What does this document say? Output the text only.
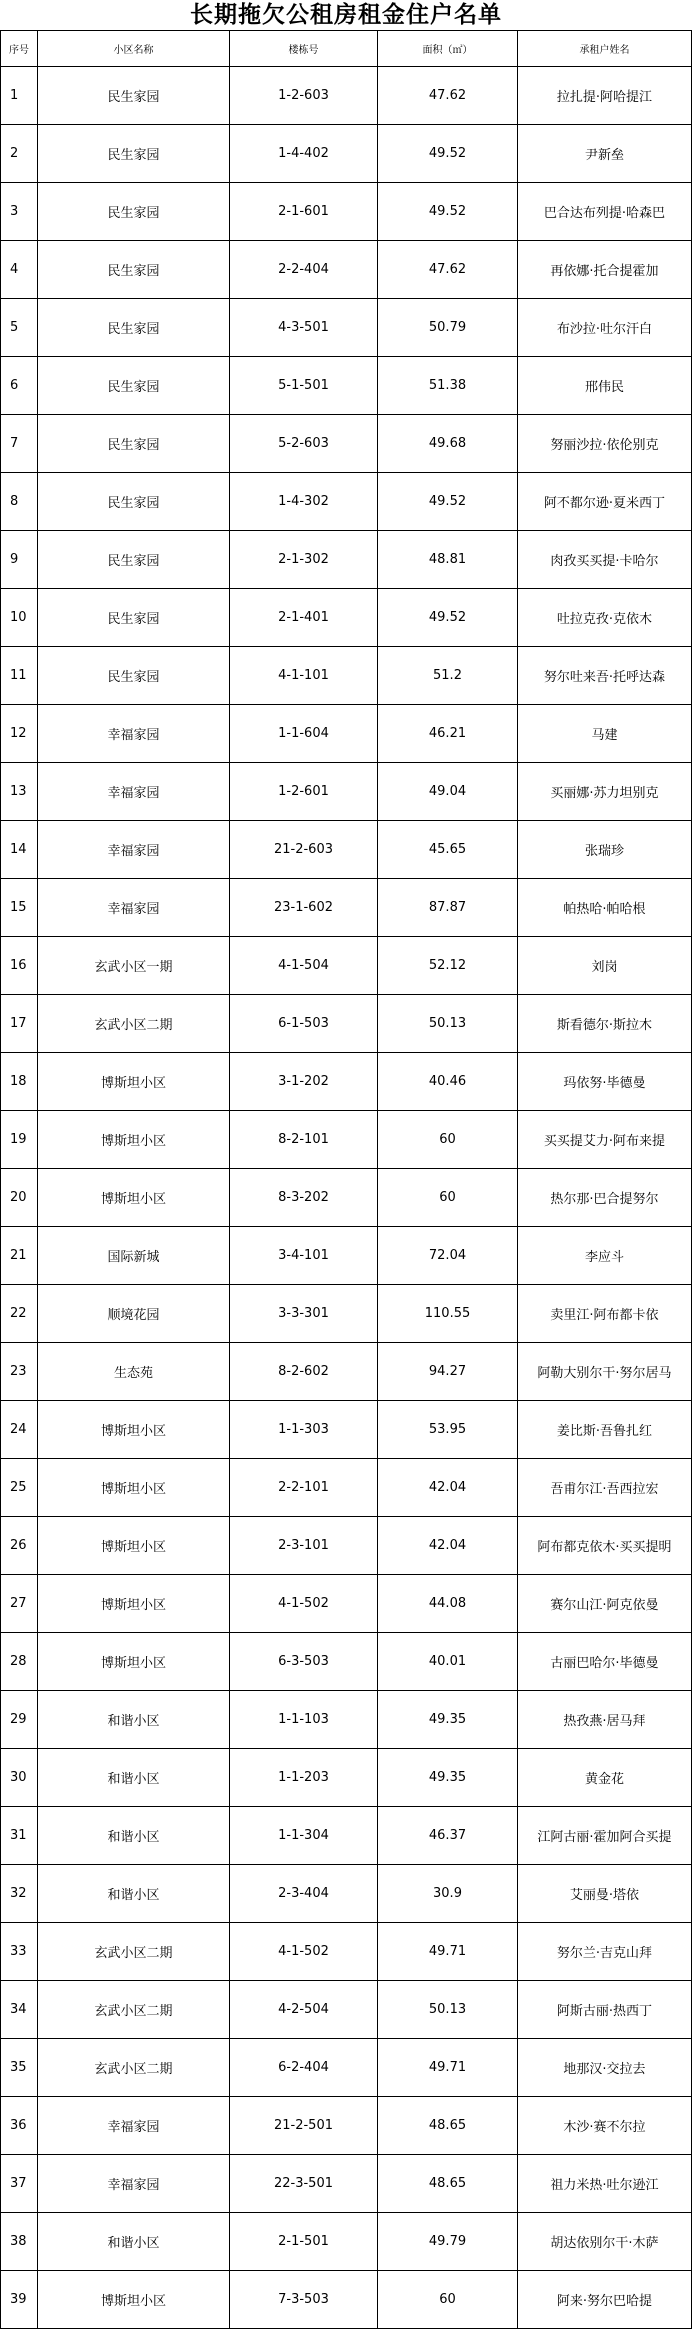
长期拖欠公租房租金住户名单
序号	小区名称	楼栋号	面积（㎡）	承租户姓名
1	民生家园	1-2-603	47.62	拉扎提·阿哈提江
2	民生家园	1-4-402	49.52	尹新垒
3	民生家园	2-1-601	49.52	巴合达布列提·哈森巴
4	民生家园	2-2-404	47.62	再依娜·托合提霍加
5	民生家园	4-3-501	50.79	布沙拉·吐尔汗白
6	民生家园	5-1-501	51.38	邢伟民
7	民生家园	5-2-603	49.68	努丽沙拉·依伦别克
8	民生家园	1-4-302	49.52	阿不都尔逊·夏米西丁
9	民生家园	2-1-302	48.81	肉孜买买提·卡哈尔
10	民生家园	2-1-401	49.52	吐拉克孜·克依木
11	民生家园	4-1-101	51.2	努尔吐来吾·托呼达森
12	幸福家园	1-1-604	46.21	马建
13	幸福家园	1-2-601	49.04	买丽娜·苏力坦别克
14	幸福家园	21-2-603	45.65	张瑞珍
15	幸福家园	23-1-602	87.87	帕热哈·帕哈根
16	玄武小区一期	4-1-504	52.12	刘岗
17	玄武小区二期	6-1-503	50.13	斯看德尔·斯拉木
18	博斯坦小区	3-1-202	40.46	玛依努·毕德曼
19	博斯坦小区	8-2-101	60	买买提艾力·阿布来提
20	博斯坦小区	8-3-202	60	热尔那·巴合提努尔
21	国际新城	3-4-101	72.04	李应斗
22	顺境花园	3-3-301	110.55	卖里江·阿布都卡依
23	生态苑	8-2-602	94.27	阿勒大别尔干·努尔居马
24	博斯坦小区	1-1-303	53.95	姜比斯·吾鲁扎红
25	博斯坦小区	2-2-101	42.04	吾甫尔江·吾西拉宏
26	博斯坦小区	2-3-101	42.04	阿布都克依木·买买提明
27	博斯坦小区	4-1-502	44.08	赛尔山江·阿克依曼
28	博斯坦小区	6-3-503	40.01	古丽巴哈尔·毕德曼
29	和谐小区	1-1-103	49.35	热孜燕·居马拜
30	和谐小区	1-1-203	49.35	黄金花
31	和谐小区	1-1-304	46.37	江阿古丽·霍加阿合买提
32	和谐小区	2-3-404	30.9	艾丽曼·塔依
33	玄武小区二期	4-1-502	49.71	努尔兰·吉克山拜
34	玄武小区二期	4-2-504	50.13	阿斯古丽·热西丁
35	玄武小区二期	6-2-404	49.71	地那汉·交拉去
36	幸福家园	21-2-501	48.65	木沙·赛不尔拉
37	幸福家园	22-3-501	48.65	祖力米热·吐尔逊江
38	和谐小区	2-1-501	49.79	胡达依别尔干·木萨
39	博斯坦小区	7-3-503	60	阿来·努尔巴哈提
